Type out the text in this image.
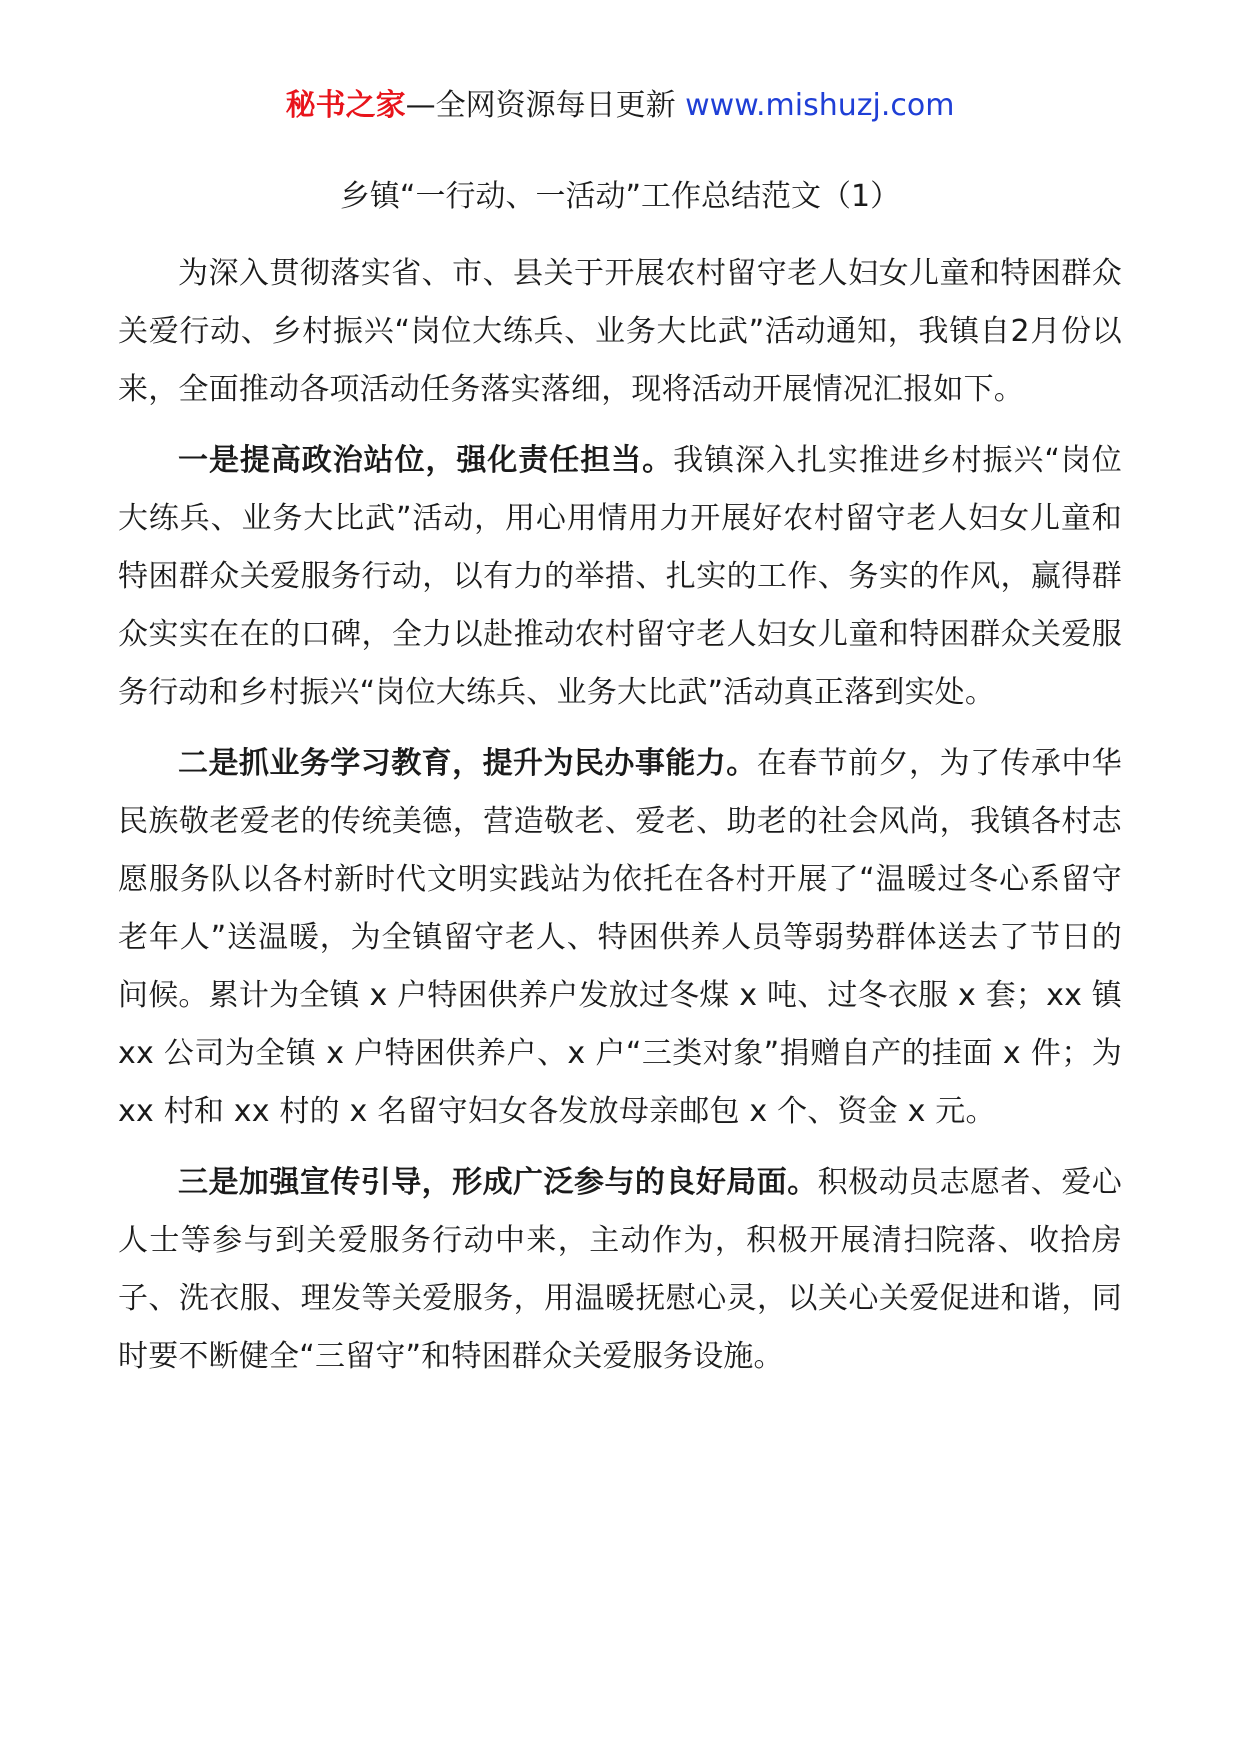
秘书之家—全网资源每日更新 www.mishuzj.com
乡镇“一行动、一活动”工作总结范文（1）

为深入贯彻落实省、市、县关于开展农村留守老人妇女儿童和特困群众关爱行动、乡村振兴“岗位大练兵、业务大比武”活动通知，我镇自2月份以来，全面推动各项活动任务落实落细，现将活动开展情况汇报如下。

一是提高政治站位，强化责任担当。我镇深入扎实推进乡村振兴“岗位大练兵、业务大比武”活动，用心用情用力开展好农村留守老人妇女儿童和特困群众关爱服务行动，以有力的举措、扎实的工作、务实的作风，赢得群众实实在在的口碑，全力以赴推动农村留守老人妇女儿童和特困群众关爱服务行动和乡村振兴“岗位大练兵、业务大比武”活动真正落到实处。

二是抓业务学习教育，提升为民办事能力。在春节前夕，为了传承中华民族敬老爱老的传统美德，营造敬老、爱老、助老的社会风尚，我镇各村志愿服务队以各村新时代文明实践站为依托在各村开展了“温暖过冬心系留守老年人”送温暖，为全镇留守老人、特困供养人员等弱势群体送去了节日的问候。累计为全镇 x 户特困供养户发放过冬煤 x 吨、过冬衣服 x 套；xx 镇 xx 公司为全镇 x 户特困供养户、x 户“三类对象”捐赠自产的挂面 x 件；为 xx 村和 xx 村的 x 名留守妇女各发放母亲邮包 x 个、资金 x 元。

三是加强宣传引导，形成广泛参与的良好局面。积极动员志愿者、爱心人士等参与到关爱服务行动中来，主动作为，积极开展清扫院落、收拾房子、洗衣服、理发等关爱服务，用温暖抚慰心灵，以关心关爱促进和谐，同时要不断健全“三留守”和特困群众关爱服务设施。
